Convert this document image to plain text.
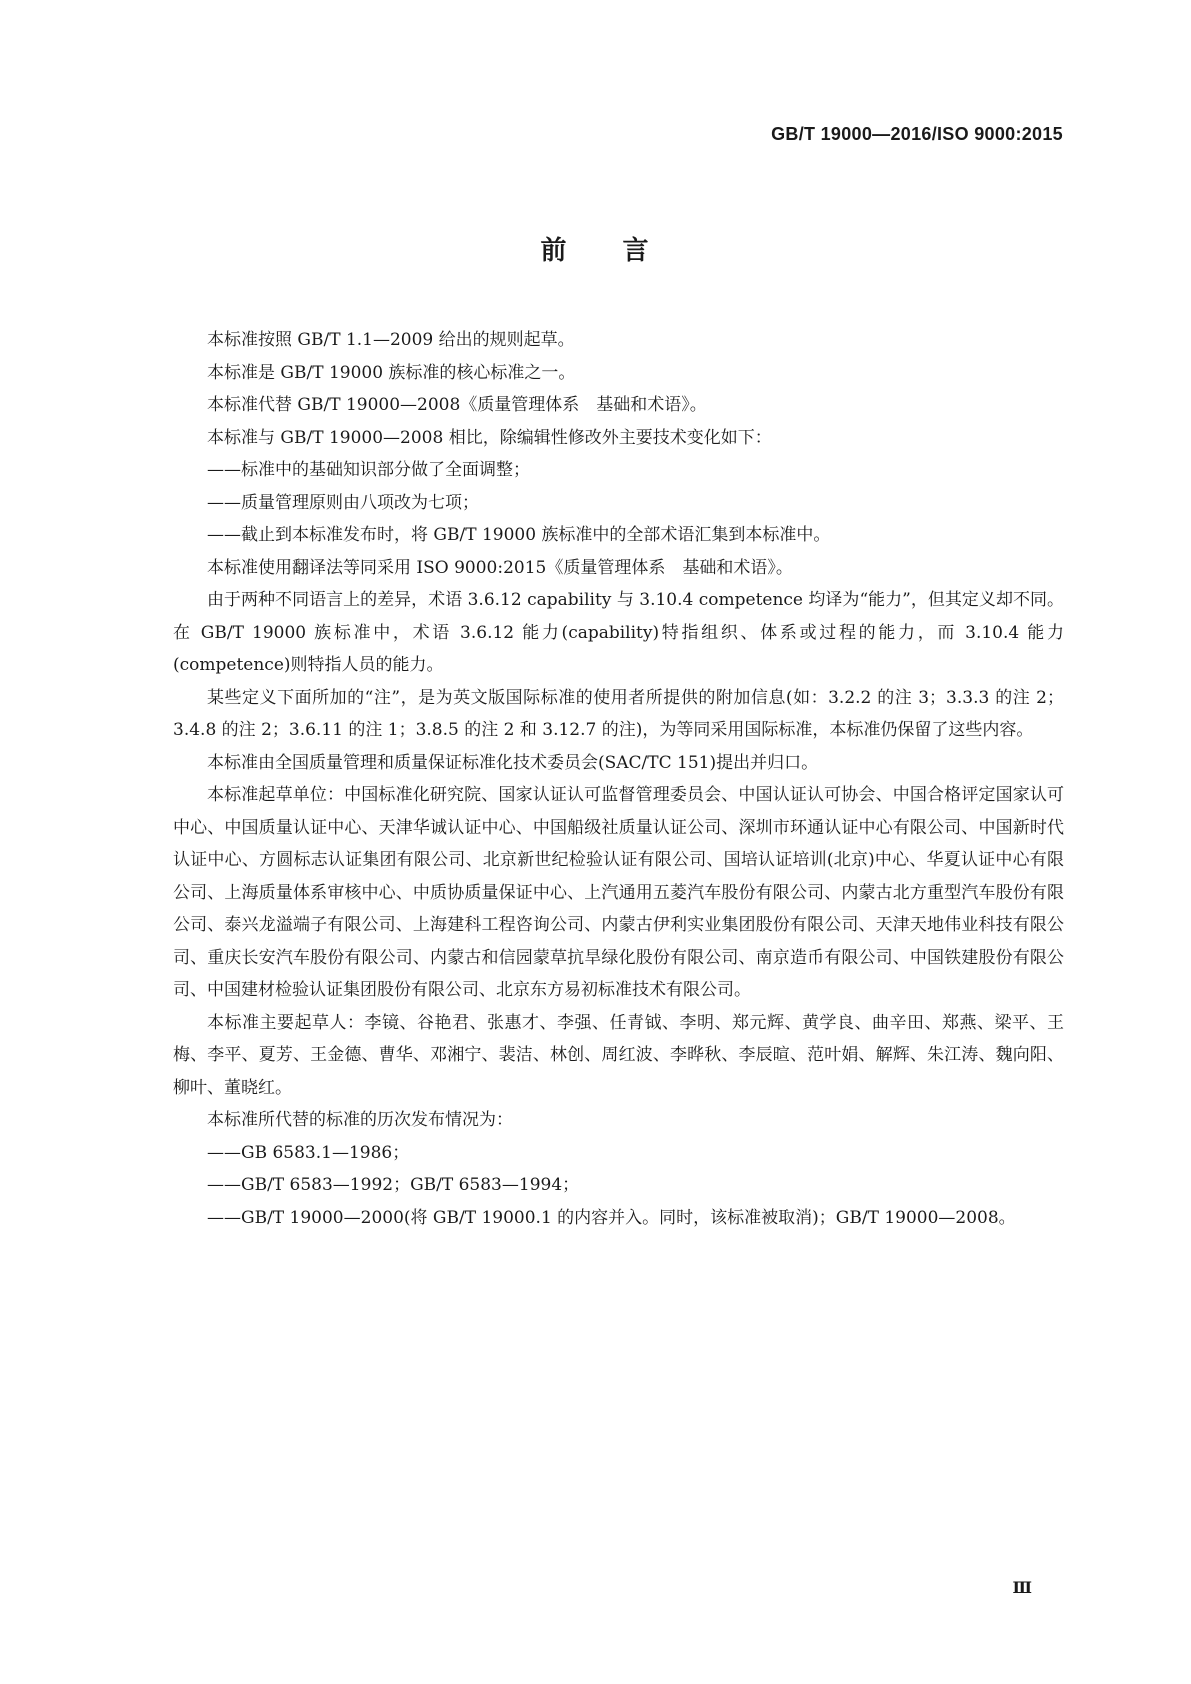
GB/T 19000—2016/ISO 9000:2015
前 言

本标准按照 GB/T 1.1—2009 给出的规则起草。

本标准是 GB/T 19000 族标准的核心标准之一。

本标准代替 GB/T 19000—2008《质量管理体系　基础和术语》。

本标准与 GB/T 19000—2008 相比，除编辑性修改外主要技术变化如下：

——标准中的基础知识部分做了全面调整；

——质量管理原则由八项改为七项；

——截止到本标准发布时，将 GB/T 19000 族标准中的全部术语汇集到本标准中。

本标准使用翻译法等同采用 ISO 9000:2015《质量管理体系　基础和术语》。

由于两种不同语言上的差异，术语 3.6.12 capability 与 3.10.4 competence 均译为“能力”，但其定义却不同。在 GB/T 19000 族标准中，术语 3.6.12 能力(capability)特指组织、体系或过程的能力，而 3.10.4 能力(competence)则特指人员的能力。

某些定义下面所加的“注”，是为英文版国际标准的使用者所提供的附加信息(如：3.2.2 的注 3；3.3.3 的注 2；3.4.8 的注 2；3.6.11 的注 1；3.8.5 的注 2 和 3.12.7 的注)，为等同采用国际标准，本标准仍保留了这些内容。

本标准由全国质量管理和质量保证标准化技术委员会(SAC/TC 151)提出并归口。

本标准起草单位：中国标准化研究院、国家认证认可监督管理委员会、中国认证认可协会、中国合格评定国家认可中心、中国质量认证中心、天津华诚认证中心、中国船级社质量认证公司、深圳市环通认证中心有限公司、中国新时代认证中心、方圆标志认证集团有限公司、北京新世纪检验认证有限公司、国培认证培训(北京)中心、华夏认证中心有限公司、上海质量体系审核中心、中质协质量保证中心、上汽通用五菱汽车股份有限公司、内蒙古北方重型汽车股份有限公司、泰兴龙溢端子有限公司、上海建科工程咨询公司、内蒙古伊利实业集团股份有限公司、天津天地伟业科技有限公司、重庆长安汽车股份有限公司、内蒙古和信园蒙草抗旱绿化股份有限公司、南京造币有限公司、中国铁建股份有限公司、中国建材检验认证集团股份有限公司、北京东方易初标准技术有限公司。

本标准主要起草人：李镜、谷艳君、张惠才、李强、任青钺、李明、郑元辉、黄学良、曲辛田、郑燕、梁平、王梅、李平、夏芳、王金德、曹华、邓湘宁、裴洁、林创、周红波、李晔秋、李辰暄、范叶娟、解辉、朱江涛、魏向阳、柳叶、董晓红。

本标准所代替的标准的历次发布情况为：

——GB 6583.1—1986；

——GB/T 6583—1992；GB/T 6583—1994；

——GB/T 19000—2000(将 GB/T 19000.1 的内容并入。同时，该标准被取消)；GB/T 19000—2008。

Ⅲ
